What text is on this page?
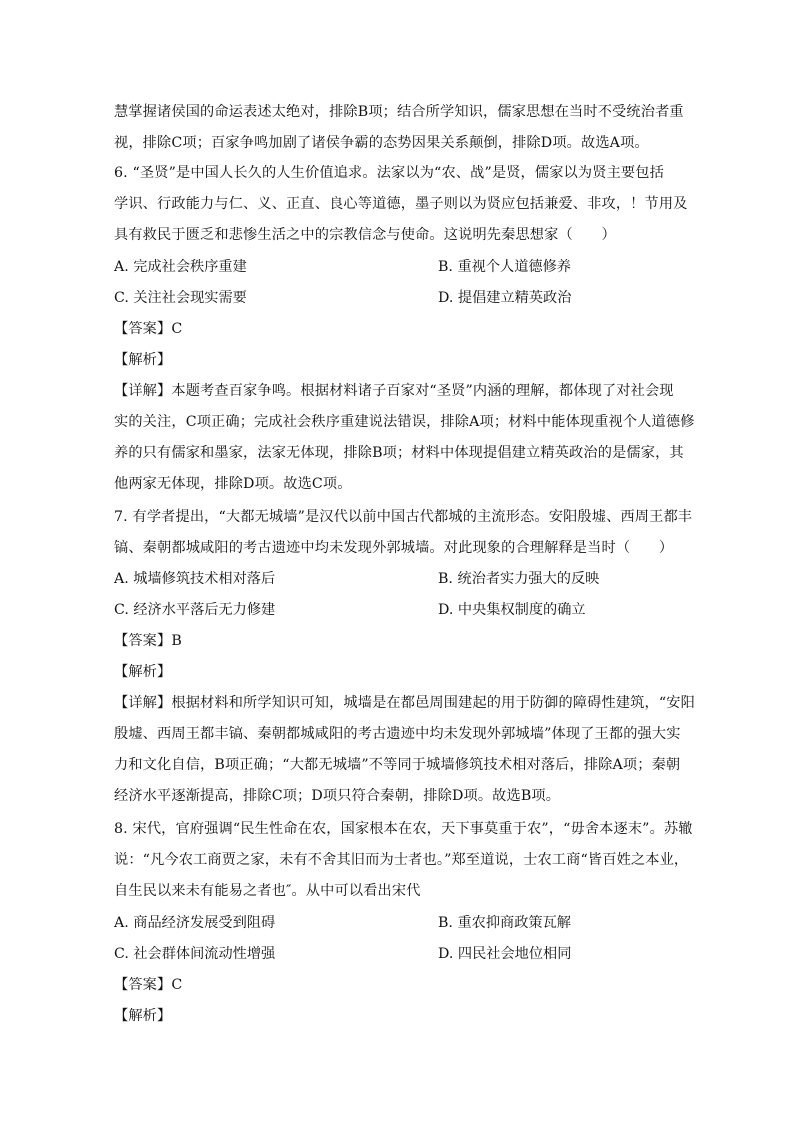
慧掌握诸侯国的命运表述太绝对，排除B项；结合所学知识，儒家思想在当时不受统治者重
视，排除C项；百家争鸣加剧了诸侯争霸的态势因果关系颠倒，排除D项。故选A项。
6. “圣贤”是中国人长久的人生价值追求。法家以为“农、战”是贤，儒家以为贤主要包括
学识、行政能力与仁、义、正直、良心等道德，墨子则以为贤应包括兼爱、非攻，！节用及
具有救民于匮乏和悲惨生活之中的宗教信念与使命。这说明先秦思想家（　　）
A. 完成社会秩序重建	B. 重视个人道德修养
C. 关注社会现实需要	D. 提倡建立精英政治
【答案】C
【解析】
【详解】本题考查百家争鸣。根据材料诸子百家对“圣贤”内涵的理解，都体现了对社会现
实的关注，C项正确；完成社会秩序重建说法错误，排除A项；材料中能体现重视个人道德修
养的只有儒家和墨家，法家无体现，排除B项；材料中体现提倡建立精英政治的是儒家，其
他两家无体现，排除D项。故选C项。
7. 有学者提出，“大都无城墙”是汉代以前中国古代都城的主流形态。安阳殷墟、西周王都丰
镐、秦朝都城咸阳的考古遗迹中均未发现外郭城墙。对此现象的合理解释是当时（　　）
A. 城墙修筑技术相对落后	B. 统治者实力强大的反映
C. 经济水平落后无力修建	D. 中央集权制度的确立
【答案】B
【解析】
【详解】根据材料和所学知识可知，城墙是在都邑周围建起的用于防御的障碍性建筑，“安阳
殷墟、西周王都丰镐、秦朝都城咸阳的考古遗迹中均未发现外郭城墙”体现了王都的强大实
力和文化自信，B项正确；“大都无城墙”不等同于城墙修筑技术相对落后，排除A项；秦朝
经济水平逐渐提高，排除C项；D项只符合秦朝，排除D项。故选B项。
8. 宋代，官府强调“民生性命在农，国家根本在农，天下事莫重于农”，“毋舍本逐末”。苏辙
说：“凡今农工商贾之家，未有不舍其旧而为士者也。”郑至道说，士农工商“皆百姓之本业，
自生民以来未有能易之者也″。从中可以看出宋代
A. 商品经济发展受到阻碍	B. 重农抑商政策瓦解
C. 社会群体间流动性增强	D. 四民社会地位相同
【答案】C
【解析】
